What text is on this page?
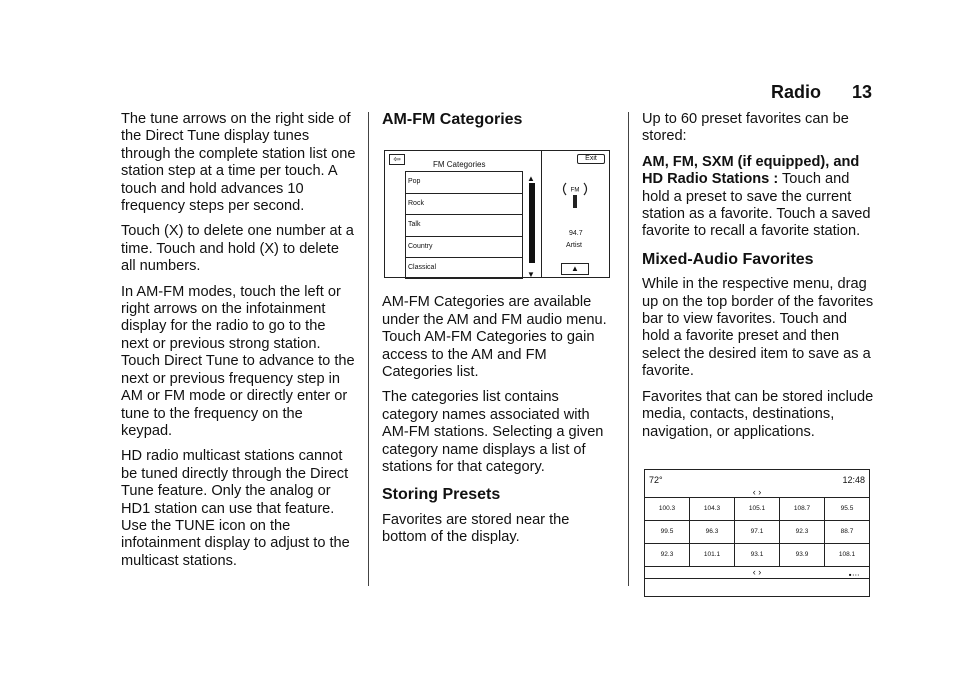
Radio 13

The tune arrows on the right side of the Direct Tune display tunes through the complete station list one station step at a time per touch. A touch and hold advances 10 frequency steps per second.

Touch (X) to delete one number at a time. Touch and hold (X) to delete all numbers.

In AM-FM modes, touch the left or right arrows on the infotainment display for the radio to go to the next or previous strong station. Touch Direct Tune to advance to the next or previous frequency step in AM or FM mode or directly enter or tune to the frequency on the keypad.

HD radio multicast stations cannot be tuned directly through the Direct Tune feature. Only the analog or HD1 station can use that feature. Use the TUNE icon on the infotainment display to adjust to the multicast stations.

AM-FM Categories
⇦
FM Categories
Exit
Pop
Rock
Talk
Country
Classical
▲
▼
FM
94.7
Artist
▲

AM-FM Categories are available under the AM and FM audio menu. Touch AM-FM Categories to gain access to the AM and FM Categories list.

The categories list contains category names associated with AM-FM stations. Selecting a given category name displays a list of stations for that category.

Storing Presets

Favorites are stored near the bottom of the display.

Up to 60 preset favorites can be stored:

AM, FM, SXM (if equipped), and HD Radio Stations : Touch and hold a preset to save the current station as a favorite. Touch a saved favorite to recall a favorite station.

Mixed-Audio Favorites

While in the respective menu, drag up on the top border of the favorites bar to view favorites. Touch and hold a favorite preset and then select the desired item to save as a favorite.

Favorites that can be stored include media, contacts, destinations, navigation, or applications.

72°	12:48
‹ ›
100.3	104.3	105.1	108.7	95.5
99.5	96.3	97.1	92.3	88.7
92.3	101.1	93.1	93.9	108.1
‹ ›	■ • • •
